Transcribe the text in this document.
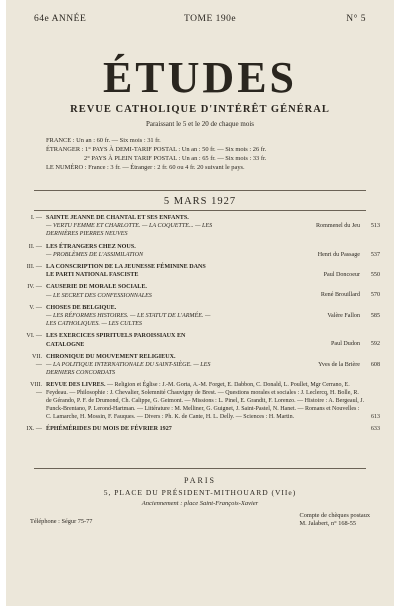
64e ANNÉE	TOME 190e	N° 5
ÉTUDES
REVUE CATHOLIQUE D'INTÉRÊT GÉNÉRAL
Paraissant le 5 et le 20 de chaque mois
FRANCE : Un an : 60 fr. — Six mois : 31 fr.
ÉTRANGER : 1° PAYS À DEMI-TARIF POSTAL : Un an : 50 fr. — Six mois : 26 fr.
2° PAYS À PLEIN TARIF POSTAL : Un an : 65 fr. — Six mois : 33 fr.
LE NUMÉRO : France : 3 fr. — Étranger : 2 fr. 60 ou 4 fr. 20 suivant le pays.
5 MARS 1927
I. — SAINTE JEANNE DE CHANTAL ET SES ENFANTS.
— VERTU FEMME ET CHARLOTTE. — LA COQUETTE... — LES DERNIÈRES PIERRES NEUVES
Rommenel du Jeu	513
II. — LES ÉTRANGERS CHEZ NOUS.
— PROBLÈMES DE L'ASSIMILATION	Henri du Passage	537
III. — LA CONSCRIPTION DE LA JEUNESSE FÉMININE DANS LE PARTI NATIONAL FASCISTE	Paul Doncoeur	550
IV. — CAUSERIE DE MORALE SOCIALE.
— LE SECRET DES CONFESSIONNALES	René Brouillard	570
V. — CHOSES DE BELGIQUE.
— LES RÉFORMES HISTOIRES. — LE STATUT DE L'ARMÉE. — LES CATHOLIQUES. — LES CULTES
Valère Fallon	585
VI. — LES EXERCICES SPIRITUELS PAROISSIAUX EN CATALOGNE	Paul Dudon	592
VII. —
CHRONIQUE DU MOUVEMENT RELIGIEUX.
— LA POLITIQUE INTERNATIONALE DU SAINT-SIÈGE. — LES DERNIERS CONCORDATS
Yves de la Brière	608
VIII. —
REVUE DES LIVRES. — Religion et Église : J.-M. Gorta, A.-M. Forget, E. Dabbon, C. Donald, L. Poullet, Mgr Cerrano, E. Feydeau. — Philosophie : J. Chevalier, Solemnité Chauvigny de Brest. — Questions morales et sociales : J. Leclercq, H. Bolle, R. de Gérando, P. F. de Drumond, Ch. Calippe, G. Geimont. — Missions : L. Pinel, E. Grandit, F. Lorenzo. — Histoire : A. Bergeaul, J. Funck-Brentano, P. Lerond-Hartman. — Littérature : M. Melliner, G. Guignet, J. Saint-Pastel, N. Hanet. — Romans et Nouvelles : C. Lamarche, H. Mossin, F. Fauques. — Divers : Ph. K. de Cante, H. L. Delly. — Sciences : H. Martin.	613
IX. — ÉPHÉMÉRIDES DU MOIS DE FÉVRIER 1927	633
PARIS
5, PLACE DU PRÉSIDENT-MITHOUARD (VIIe)
Anciennement : place Saint-François-Xavier
Téléphone : Ségur 75-77
Compte de chèques postaux
M. Jalabert, n° 168-55
